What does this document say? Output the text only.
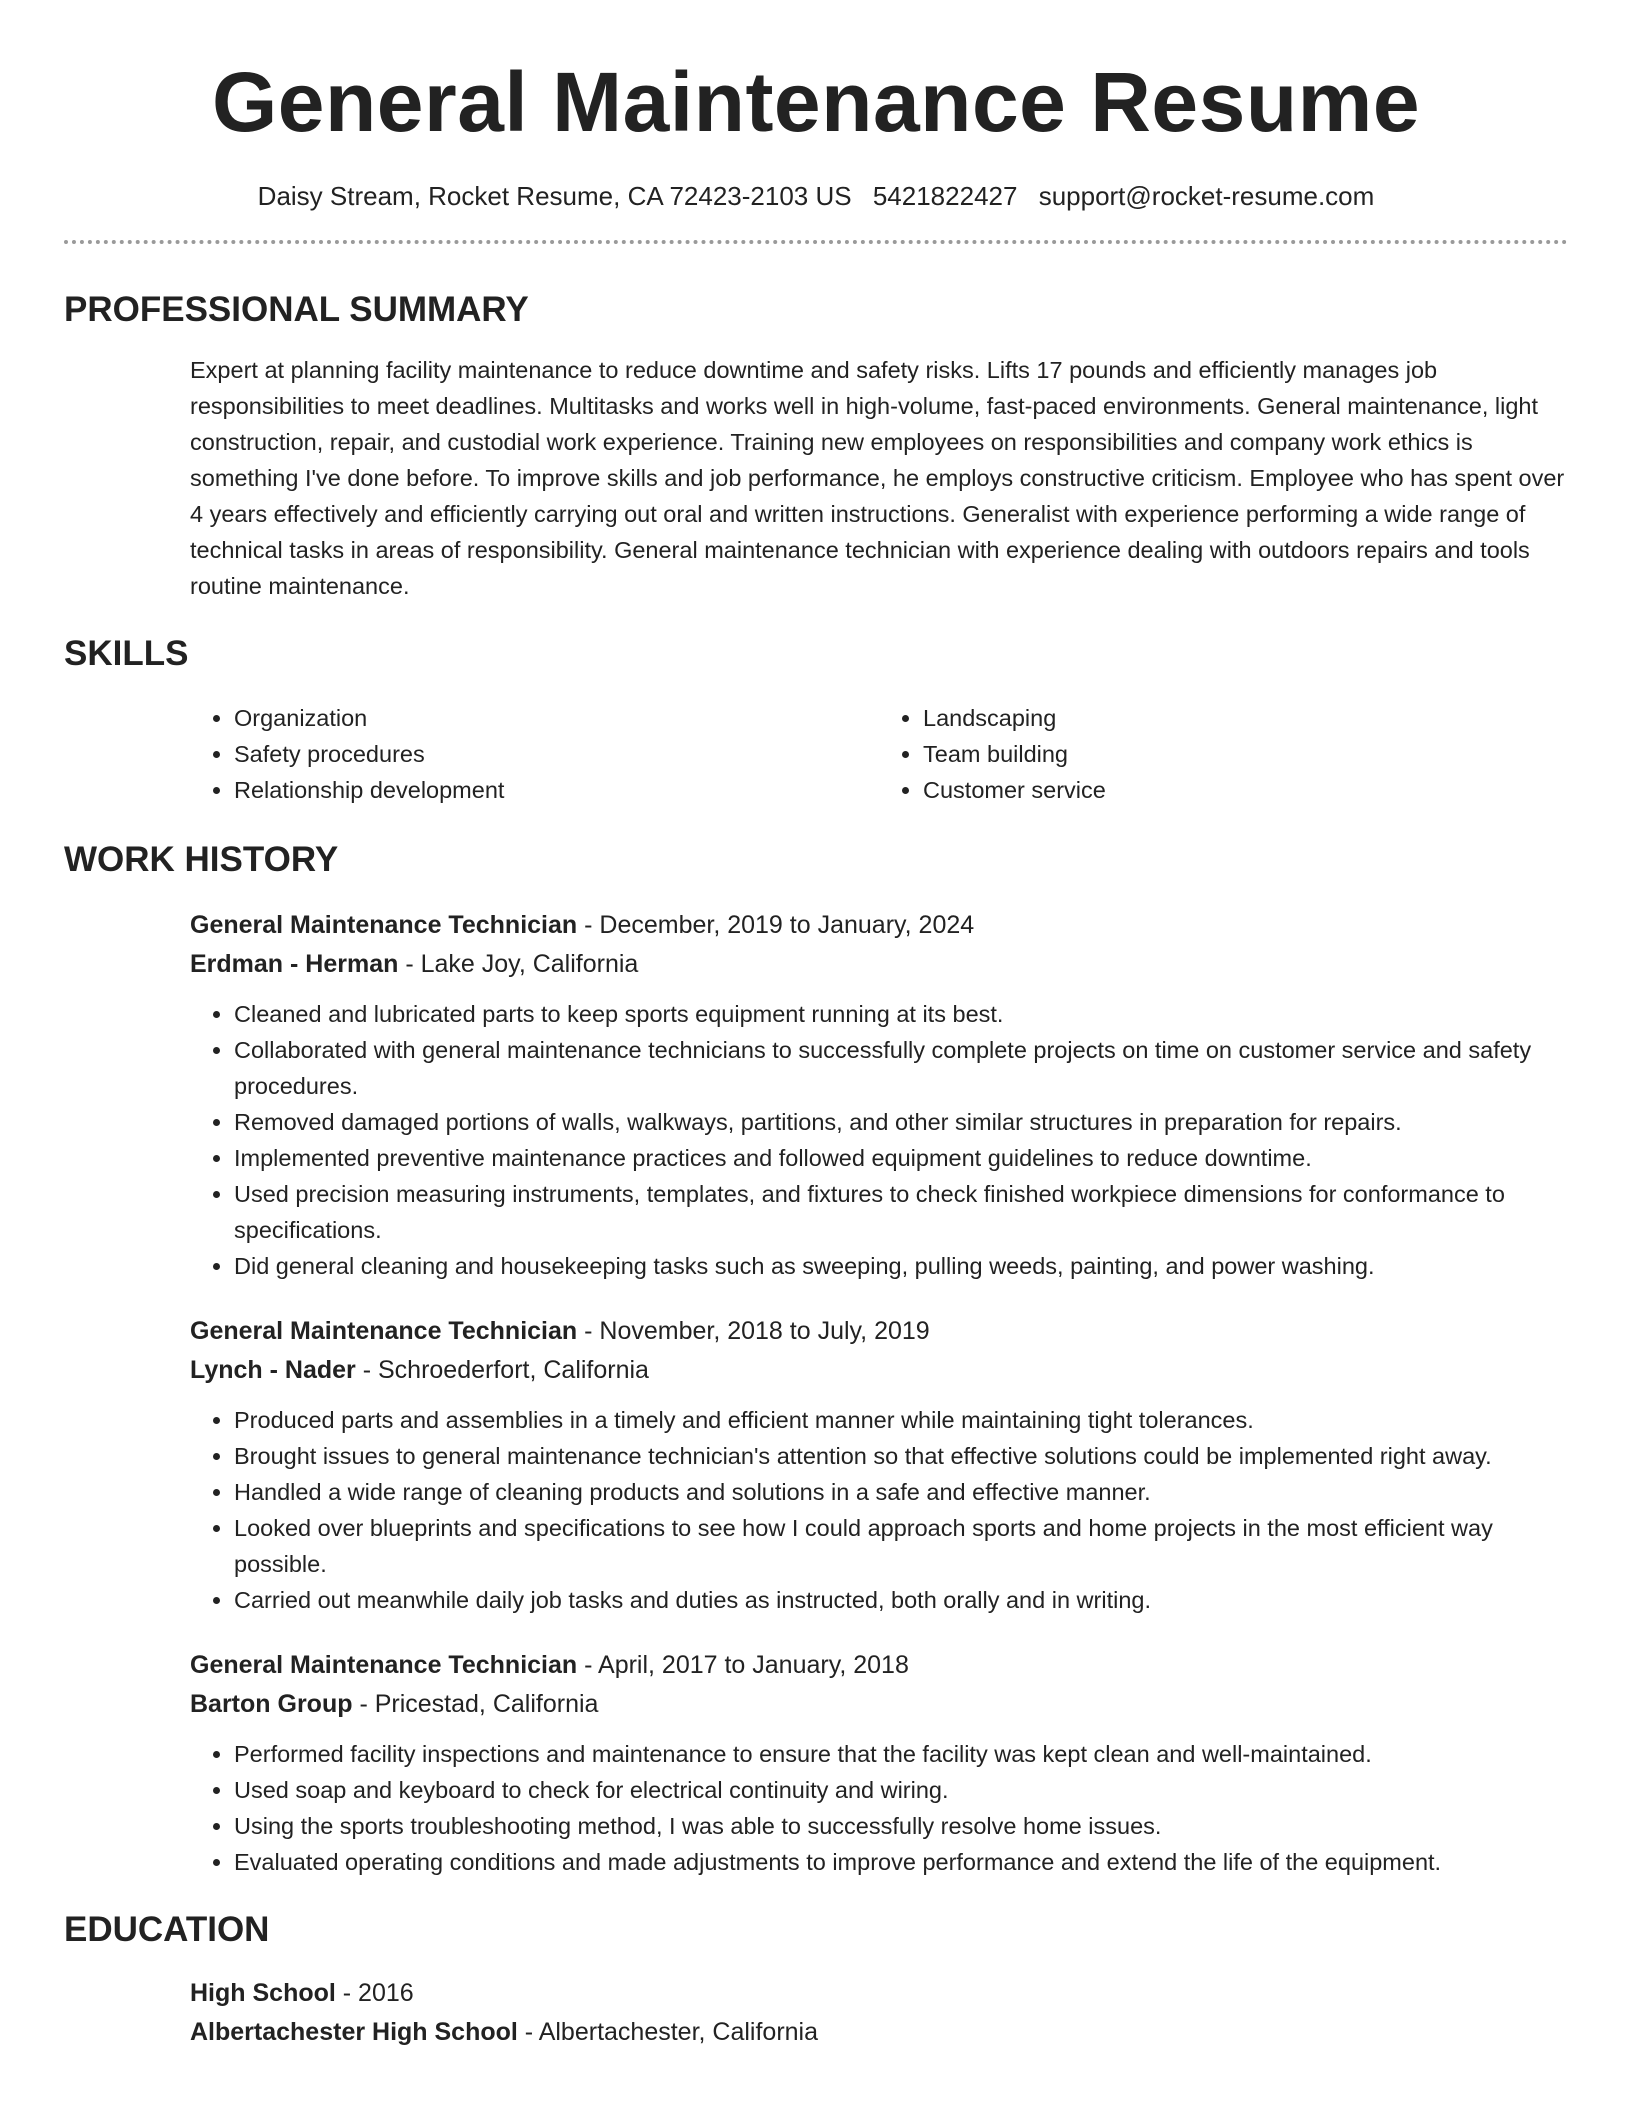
General Maintenance Resume
Daisy Stream, Rocket Resume, CA 72423-2103 US 5421822427 support@rocket-resume.com
PROFESSIONAL SUMMARY
Expert at planning facility maintenance to reduce downtime and safety risks. Lifts 17 pounds and efficiently manages job responsibilities to meet deadlines. Multitasks and works well in high-volume, fast-paced environments. General maintenance, light construction, repair, and custodial work experience. Training new employees on responsibilities and company work ethics is something I've done before. To improve skills and job performance, he employs constructive criticism. Employee who has spent over 4 years effectively and efficiently carrying out oral and written instructions. Generalist with experience performing a wide range of technical tasks in areas of responsibility. General maintenance technician with experience dealing with outdoors repairs and tools routine maintenance.
SKILLS
• Organization
• Safety procedures
• Relationship development
• Landscaping
• Team building
• Customer service
WORK HISTORY
General Maintenance Technician - December, 2019 to January, 2024
Erdman - Herman - Lake Joy, California
• Cleaned and lubricated parts to keep sports equipment running at its best.
• Collaborated with general maintenance technicians to successfully complete projects on time on customer service and safety procedures.
• Removed damaged portions of walls, walkways, partitions, and other similar structures in preparation for repairs.
• Implemented preventive maintenance practices and followed equipment guidelines to reduce downtime.
• Used precision measuring instruments, templates, and fixtures to check finished workpiece dimensions for conformance to specifications.
• Did general cleaning and housekeeping tasks such as sweeping, pulling weeds, painting, and power washing.
General Maintenance Technician - November, 2018 to July, 2019
Lynch - Nader - Schroederfort, California
• Produced parts and assemblies in a timely and efficient manner while maintaining tight tolerances.
• Brought issues to general maintenance technician's attention so that effective solutions could be implemented right away.
• Handled a wide range of cleaning products and solutions in a safe and effective manner.
• Looked over blueprints and specifications to see how I could approach sports and home projects in the most efficient way possible.
• Carried out meanwhile daily job tasks and duties as instructed, both orally and in writing.
General Maintenance Technician - April, 2017 to January, 2018
Barton Group - Pricestad, California
• Performed facility inspections and maintenance to ensure that the facility was kept clean and well-maintained.
• Used soap and keyboard to check for electrical continuity and wiring.
• Using the sports troubleshooting method, I was able to successfully resolve home issues.
• Evaluated operating conditions and made adjustments to improve performance and extend the life of the equipment.
EDUCATION
High School - 2016
Albertachester High School - Albertachester, California
